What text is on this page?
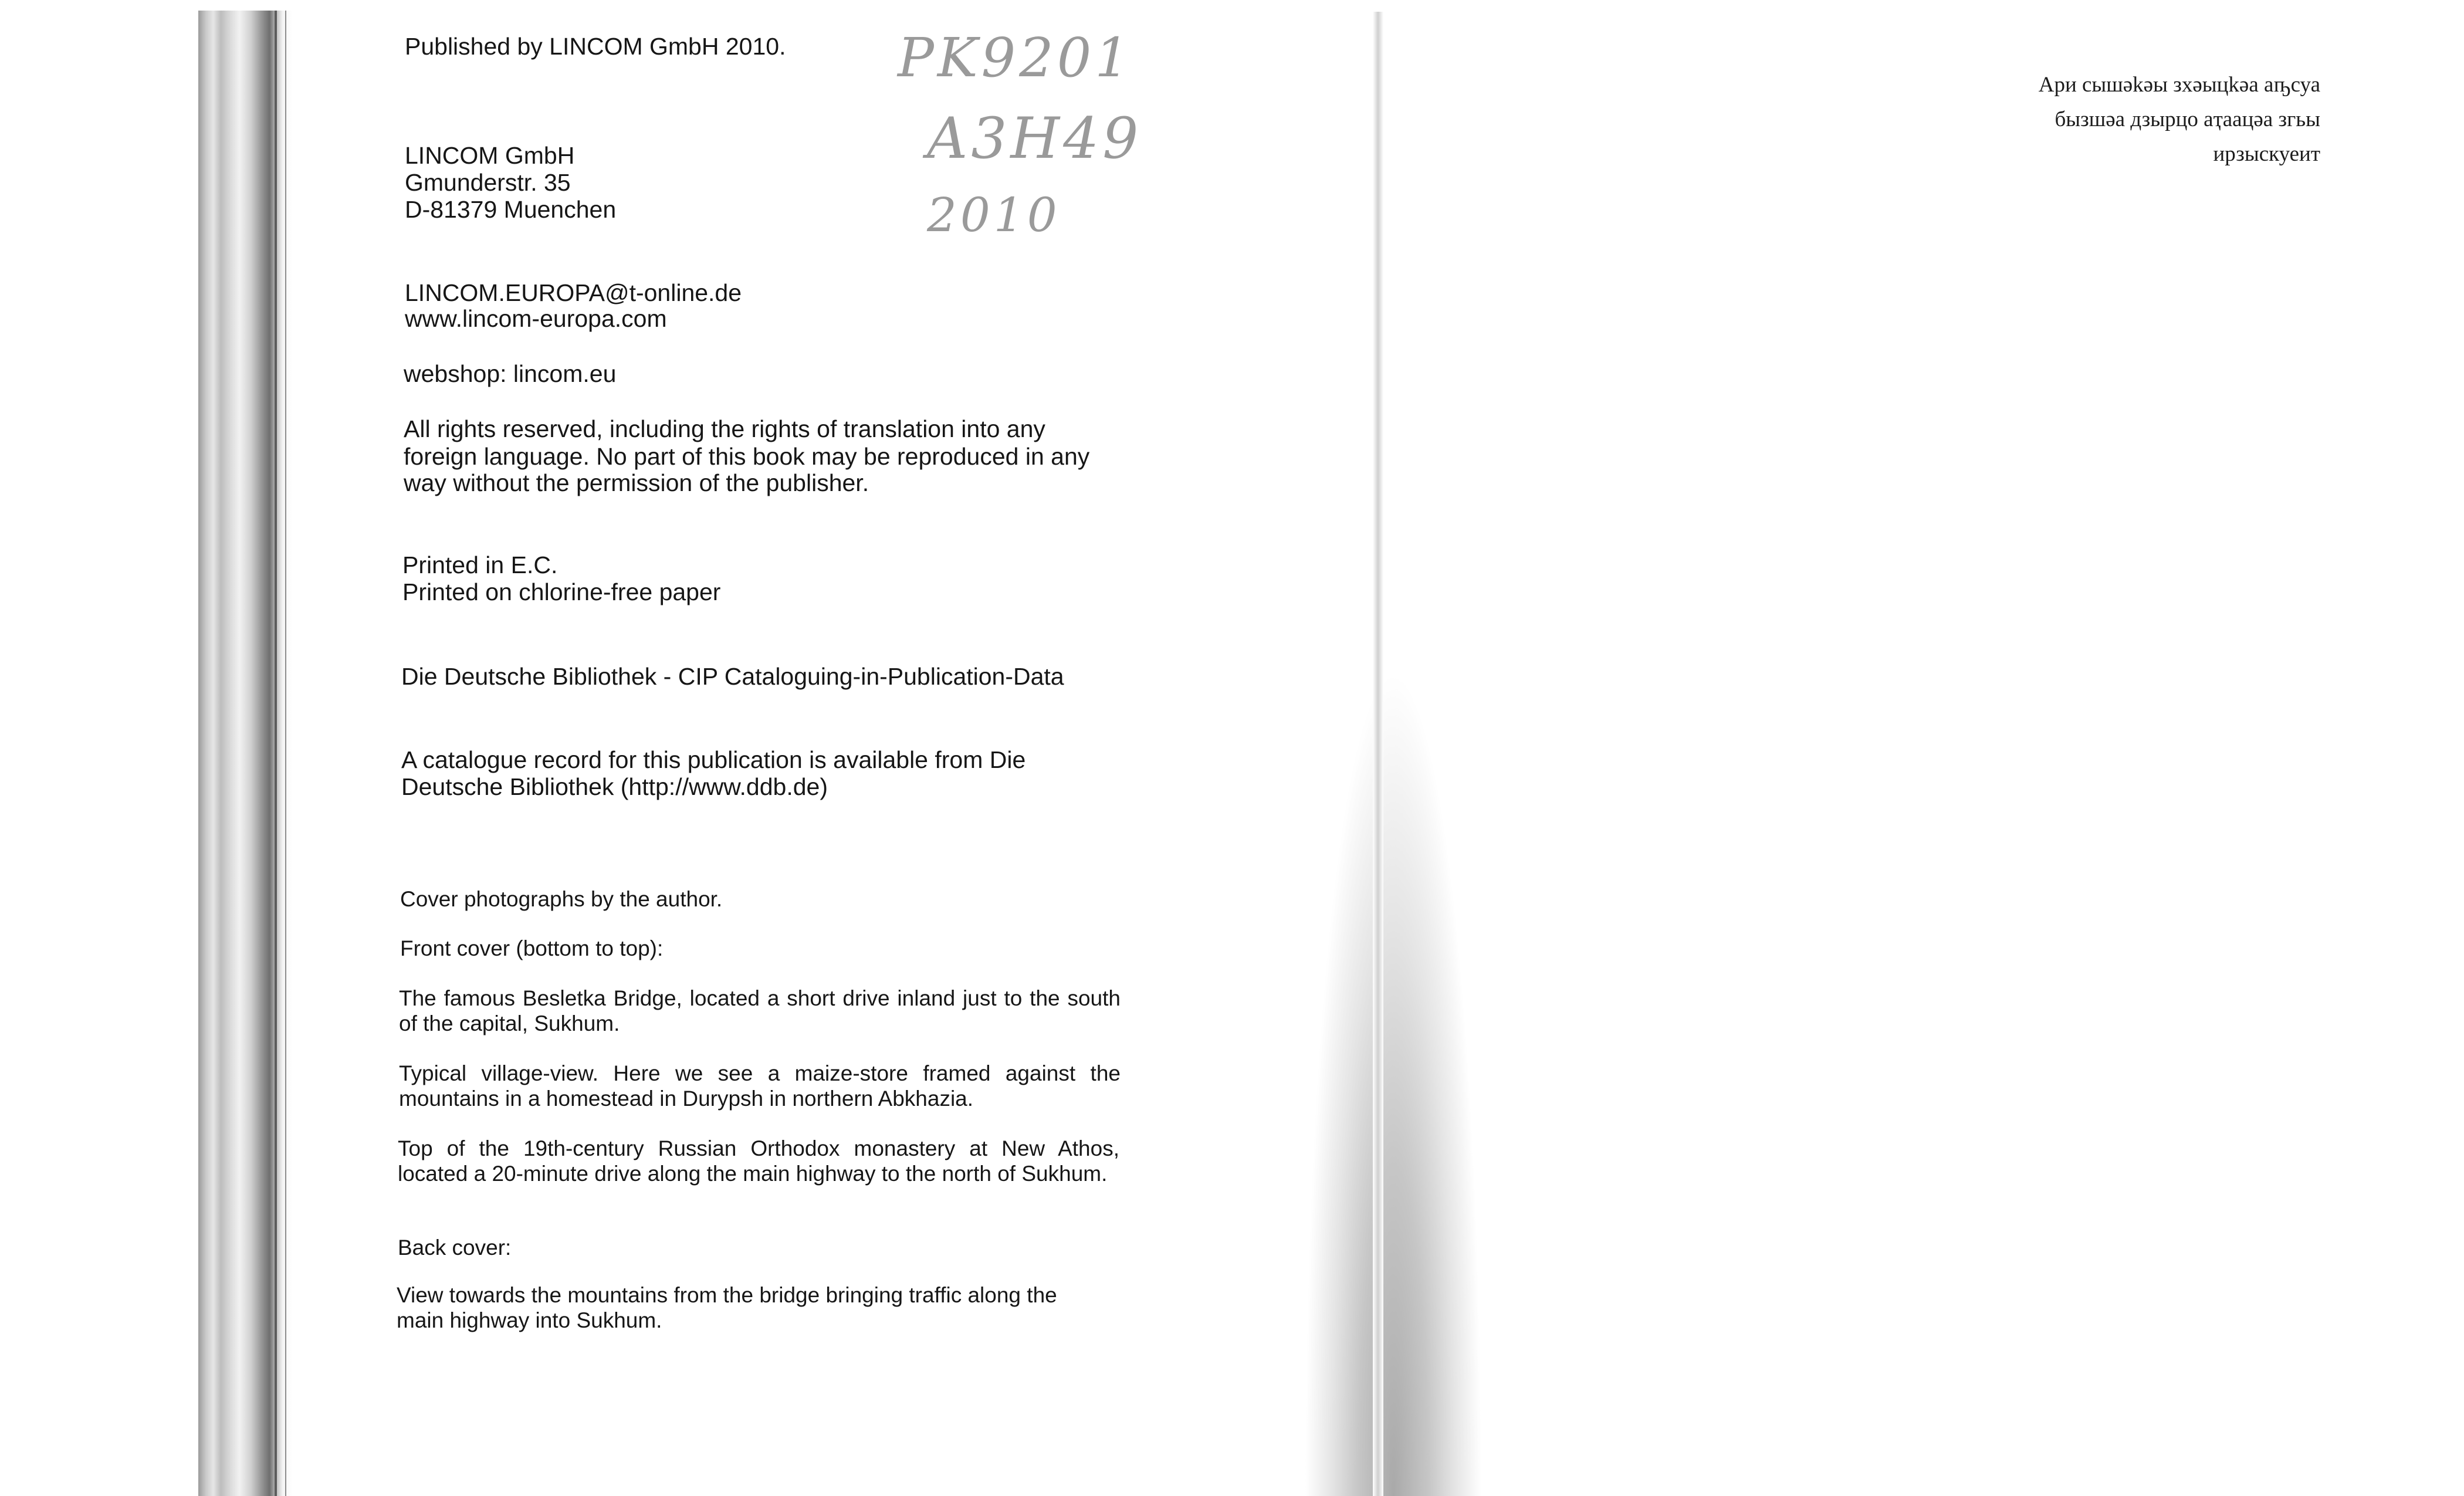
Published by LINCOM GmbH 2010. PK9201
A3H49
2010
LINCOM GmbH
Gmunderstr. 35
D-81379 Muenchen
LINCOM.EUROPA@t-online.de
www.lincom-europa.com
webshop: lincom.eu
All rights reserved, including the rights of translation into any
foreign language. No part of this book may be reproduced in any
way without the permission of the publisher.
Printed in E.C.
Printed on chlorine-free paper
Die Deutsche Bibliothek - CIP Cataloguing-in-Publication-Data
A catalogue record for this publication is available from Die
Deutsche Bibliothek (http://www.ddb.de)
Cover photographs by the author.
Front cover (bottom to top):
The famous Besletka Bridge, located a short drive inland just to the south of the capital, Sukhum.
Typical village-view. Here we see a maize-store framed against the mountains in a homestead in Durypsh in northern Abkhazia.
Top of the 19th-century Russian Orthodox monastery at New Athos, located a 20-minute drive along the main highway to the north of Sukhum.
Back cover:
View towards the mountains from the bridge bringing traffic along the main highway into Sukhum.
Ари сышәkәы зхәыцkәа аҧсуа
бызшәа дзырцо аҭаацәа згьы
ирзыскуеит
